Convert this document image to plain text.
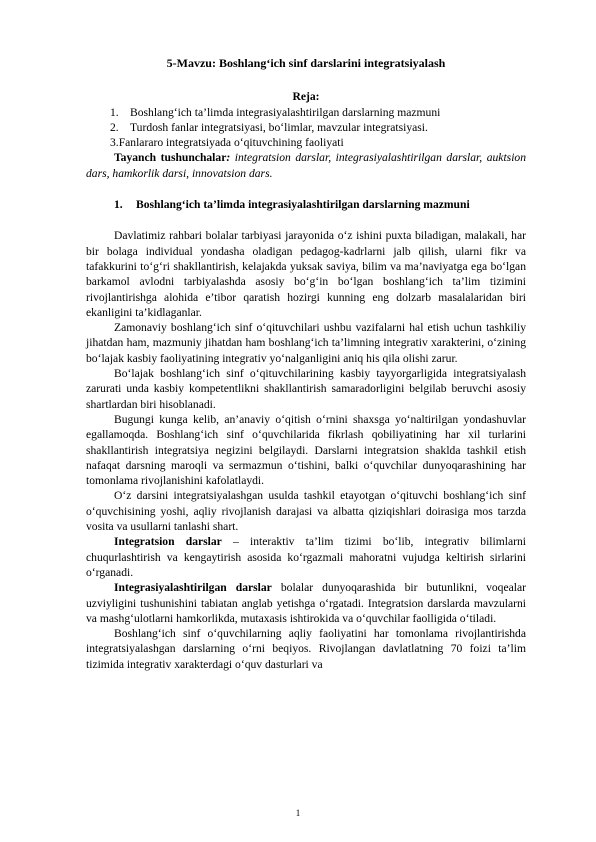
5-Mavzu: Boshlang‘ich sinf darslarini integratsiyalash
Reja:
1. Boshlang‘ich ta’limda integrasiyalashtirilgan darslarning mazmuni
2. Turdosh fanlar integratsiyasi, bo‘limlar, mavzular integratsiyasi.
3.Fanlararo integratsiyada o‘qituvchining faoliyati

Tayanch tushunchalar: integratsion darslar, integrasiyalashtirilgan darslar, auktsion dars, hamkorlik darsi, innovatsion dars.

1. Boshlang‘ich ta’limda integrasiyalashtirilgan darslarning mazmuni

Davlatimiz rahbari bolalar tarbiyasi jarayonida o‘z ishini puxta biladigan, malakali, har bir bolaga individual yondasha oladigan pedagog-kadrlarni jalb qilish, ularni fikr va tafakkurini to‘g‘ri shakllantirish, kelajakda yuksak saviya, bilim va ma’naviyatga ega bo‘lgan barkamol avlodni tarbiyalashda asosiy bo‘g‘in bo‘lgan boshlang‘ich ta’lim tizimini rivojlantirishga alohida e’tibor qaratish hozirgi kunning eng dolzarb masalalaridan biri ekanligini ta’kidlaganlar.

Zamonaviy boshlang‘ich sinf o‘qituvchilari ushbu vazifalarni hal etish uchun tashkiliy jihatdan ham, mazmuniy jihatdan ham boshlang‘ich ta’limning integrativ xarakterini, o‘zining bo‘lajak kasbiy faoliyatining integrativ yo‘nalganligini aniq his qila olishi zarur.

Bo‘lajak boshlang‘ich sinf o‘qituvchilarining kasbiy tayyorgarligida integratsiyalash zarurati unda kasbiy kompetentlikni shakllantirish samaradorligini belgilab beruvchi asosiy shartlardan biri hisoblanadi.

Bugungi kunga kelib, an’anaviy o‘qitish o‘rnini shaxsga yo‘naltirilgan yondashuvlar egallamoqda. Boshlang‘ich sinf o‘quvchilarida fikrlash qobiliyatining har xil turlarini shakllantirish integratsiya negizini belgilaydi. Darslarni integratsion shaklda tashkil etish nafaqat darsning maroqli va sermazmun o‘tishini, balki o‘quvchilar dunyoqarashining har tomonlama rivojlanishini kafolatlaydi.

O‘z darsini integratsiyalashgan usulda tashkil etayotgan o‘qituvchi boshlang‘ich sinf o‘quvchisining yoshi, aqliy rivojlanish darajasi va albatta qiziqishlari doirasiga mos tarzda vosita va usullarni tanlashi shart.

Integratsion darslar – interaktiv ta’lim tizimi bo‘lib, integrativ bilimlarni chuqurlashtirish va kengaytirish asosida ko‘rgazmali mahoratni vujudga keltirish sirlarini o‘rganadi.

Integrasiyalashtirilgan darslar bolalar dunyoqarashida bir butunlikni, voqealar uzviyligini tushunishini tabiatan anglab yetishga o‘rgatadi. Integratsion darslarda mavzularni va mashg‘ulotlarni hamkorlikda, mutaxasis ishtirokida va o‘quvchilar faolligida o‘tiladi.

Boshlang‘ich sinf o‘quvchilarning aqliy faoliyatini har tomonlama rivojlantirishda integratsiyalashgan darslarning o‘rni beqiyos. Rivojlangan davlatlatning 70 foizi ta’lim tizimida integrativ xarakterdagi o‘quv dasturlari va

1
